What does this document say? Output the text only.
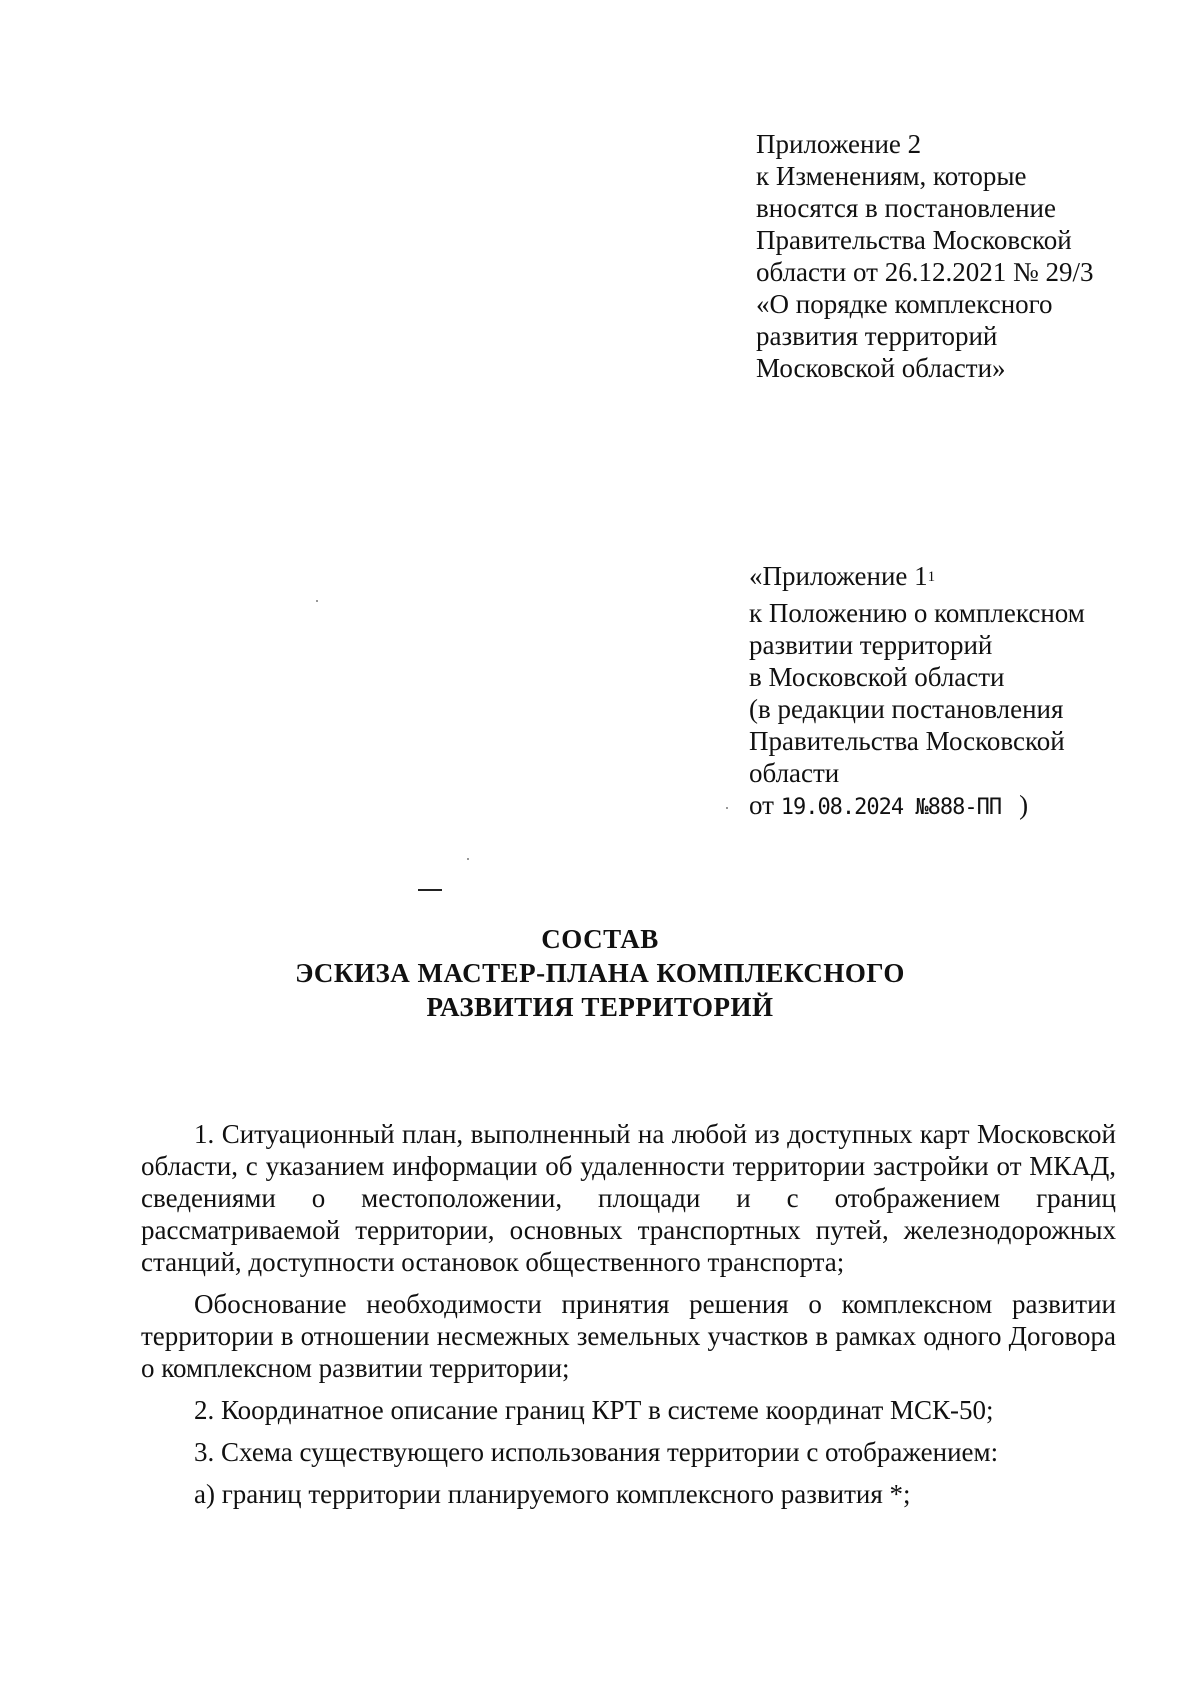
Приложение 2
к Изменениям, которые
вносятся в постановление
Правительства Московской
области от 26.12.2021 № 29/3
«О порядке комплексного
развития территорий
Московской области»
«Приложение $1^1$
к Положению о комплексном
развитии территорий
в Московской области
(в редакции постановления
Правительства Московской
области
от 19.08.2024 №888-ПП )
СОСТАВ
ЭСКИЗА МАСТЕР-ПЛАНА КОМПЛЕКСНОГО
РАЗВИТИЯ ТЕРРИТОРИЙ

1. Ситуационный план, выполненный на любой из доступных карт Московской области, с указанием информации об удаленности территории застройки от МКАД, сведениями о местоположении, площади и с отображением границ рассматриваемой территории, основных транспортных путей, железнодорожных станций, доступности остановок общественного транспорта;

Обоснование необходимости принятия решения о комплексном развитии территории в отношении несмежных земельных участков в рамках одного Договора о комплексном развитии территории;

2. Координатное описание границ КРТ в системе координат МСК-50;

3. Схема существующего использования территории с отображением:

а) границ территории планируемого комплексного развития *;
